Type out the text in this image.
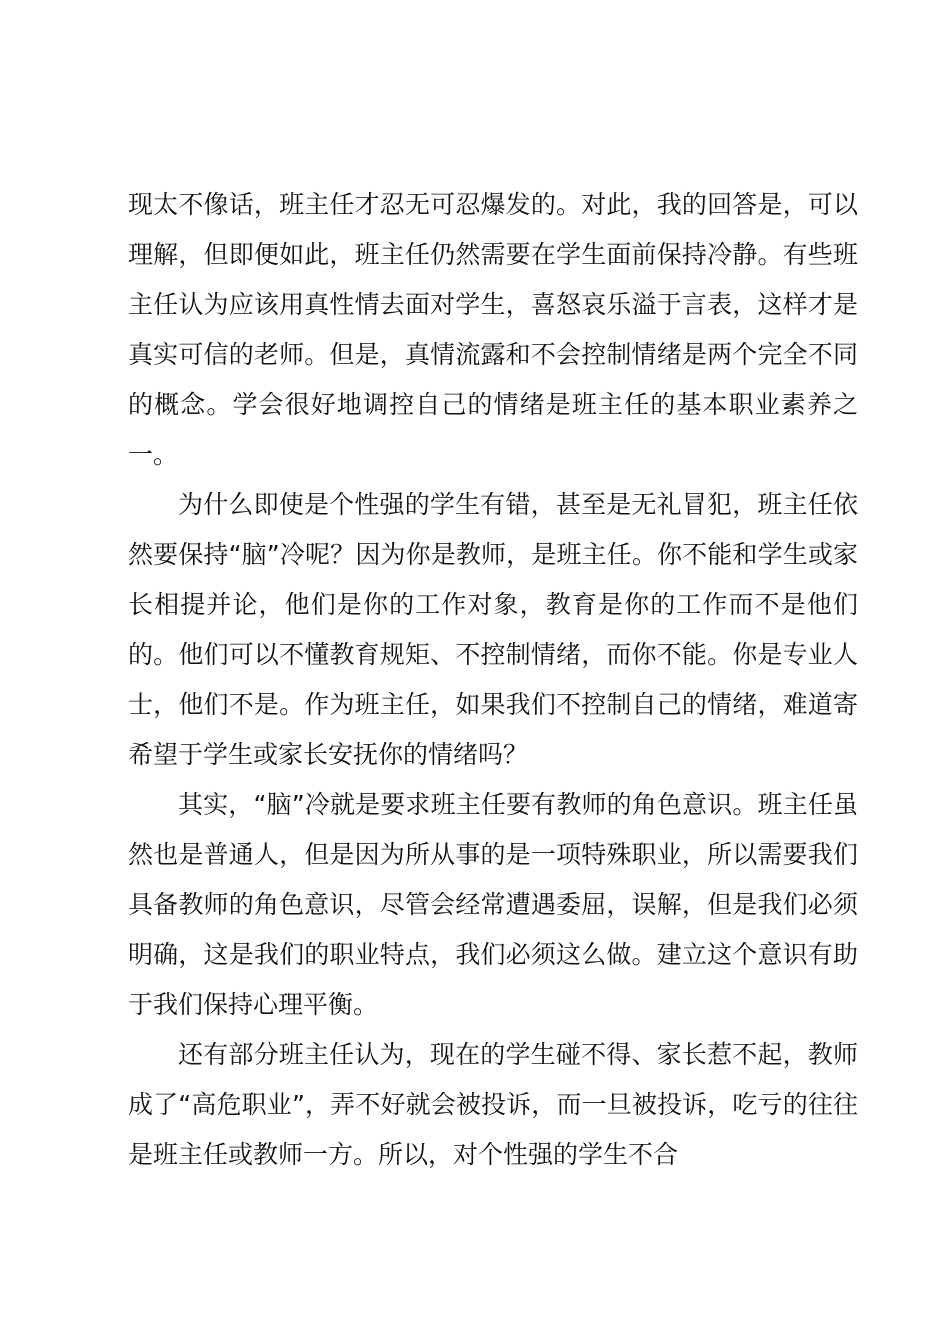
现太不像话，班主任才忍无可忍爆发的。对此，我的回答是，可以理解，但即便如此，班主任仍然需要在学生面前保持冷静。有些班主任认为应该用真性情去面对学生，喜怒哀乐溢于言表，这样才是真实可信的老师。但是，真情流露和不会控制情绪是两个完全不同的概念。学会很好地调控自己的情绪是班主任的基本职业素养之一。

为什么即使是个性强的学生有错，甚至是无礼冒犯，班主任依然要保持“脑”冷呢？因为你是教师，是班主任。你不能和学生或家长相提并论，他们是你的工作对象，教育是你的工作而不是他们的。他们可以不懂教育规矩、不控制情绪，而你不能。你是专业人士，他们不是。作为班主任，如果我们不控制自己的情绪，难道寄希望于学生或家长安抚你的情绪吗？

其实，“脑”冷就是要求班主任要有教师的角色意识。班主任虽然也是普通人，但是因为所从事的是一项特殊职业，所以需要我们具备教师的角色意识，尽管会经常遭遇委屈，误解，但是我们必须明确，这是我们的职业特点，我们必须这么做。建立这个意识有助于我们保持心理平衡。

还有部分班主任认为，现在的学生碰不得、家长惹不起，教师成了“高危职业”，弄不好就会被投诉，而一旦被投诉，吃亏的往往是班主任或教师一方。所以，对个性强的学生不合
